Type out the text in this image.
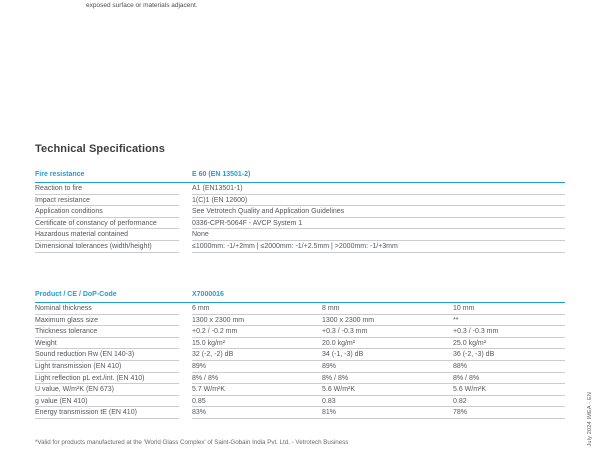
exposed surface or materials adjacent.
Technical Specifications
Fire resistance	E 60 (EN 13501-2)
Reaction to fire	A1 (EN13501-1)
Impact resistance	1(C)1 (EN 12600)
Application conditions	See Vetrotech Quality and Application Guidelines
Certificate of constancy of performance	0336-CPR-5064F - AVCP System 1
Hazardous material contained	None
Dimensional tolerances (width/height)	≤1000mm: -1/+2mm | ≤2000mm: -1/+2.5mm | >2000mm: -1/+3mm
Product / CE / DoP-Code	X7000016
Nominal thickness	6 mm	8 mm	10 mm
Maximum glass size	1300 x 2300 mm	1300 x 2300 mm	**
Thickness tolerance	+0.2 / -0.2 mm	+0.3 / -0.3 mm	+0.3 / -0.3 mm
Weight	15.0 kg/m²	20.0 kg/m²	25.0 kg/m²
Sound reduction Rw (EN 140-3)	32 (-2, -2) dB	34 (-1, -3) dB	36 (-2, -3) dB
Light transmission (EN 410)	89%	89%	88%
Light reflection pL ext./int. (EN 410)	8% / 8%	8% / 8%	8% / 8%
U value, W/m²K (EN 673)	5.7 W/m²K	5.6 W/m²K	5.6 W/m²K
g value (EN 410)	0.85	0.83	0.82
Energy transmission tE (EN 410)	83%	81%	78%
*Valid for products manufactured at the 'World Glass Complex' of Saint-Gobain India Pvt. Ltd. - Vetrotech Business	July 2024 IMEA - EN
